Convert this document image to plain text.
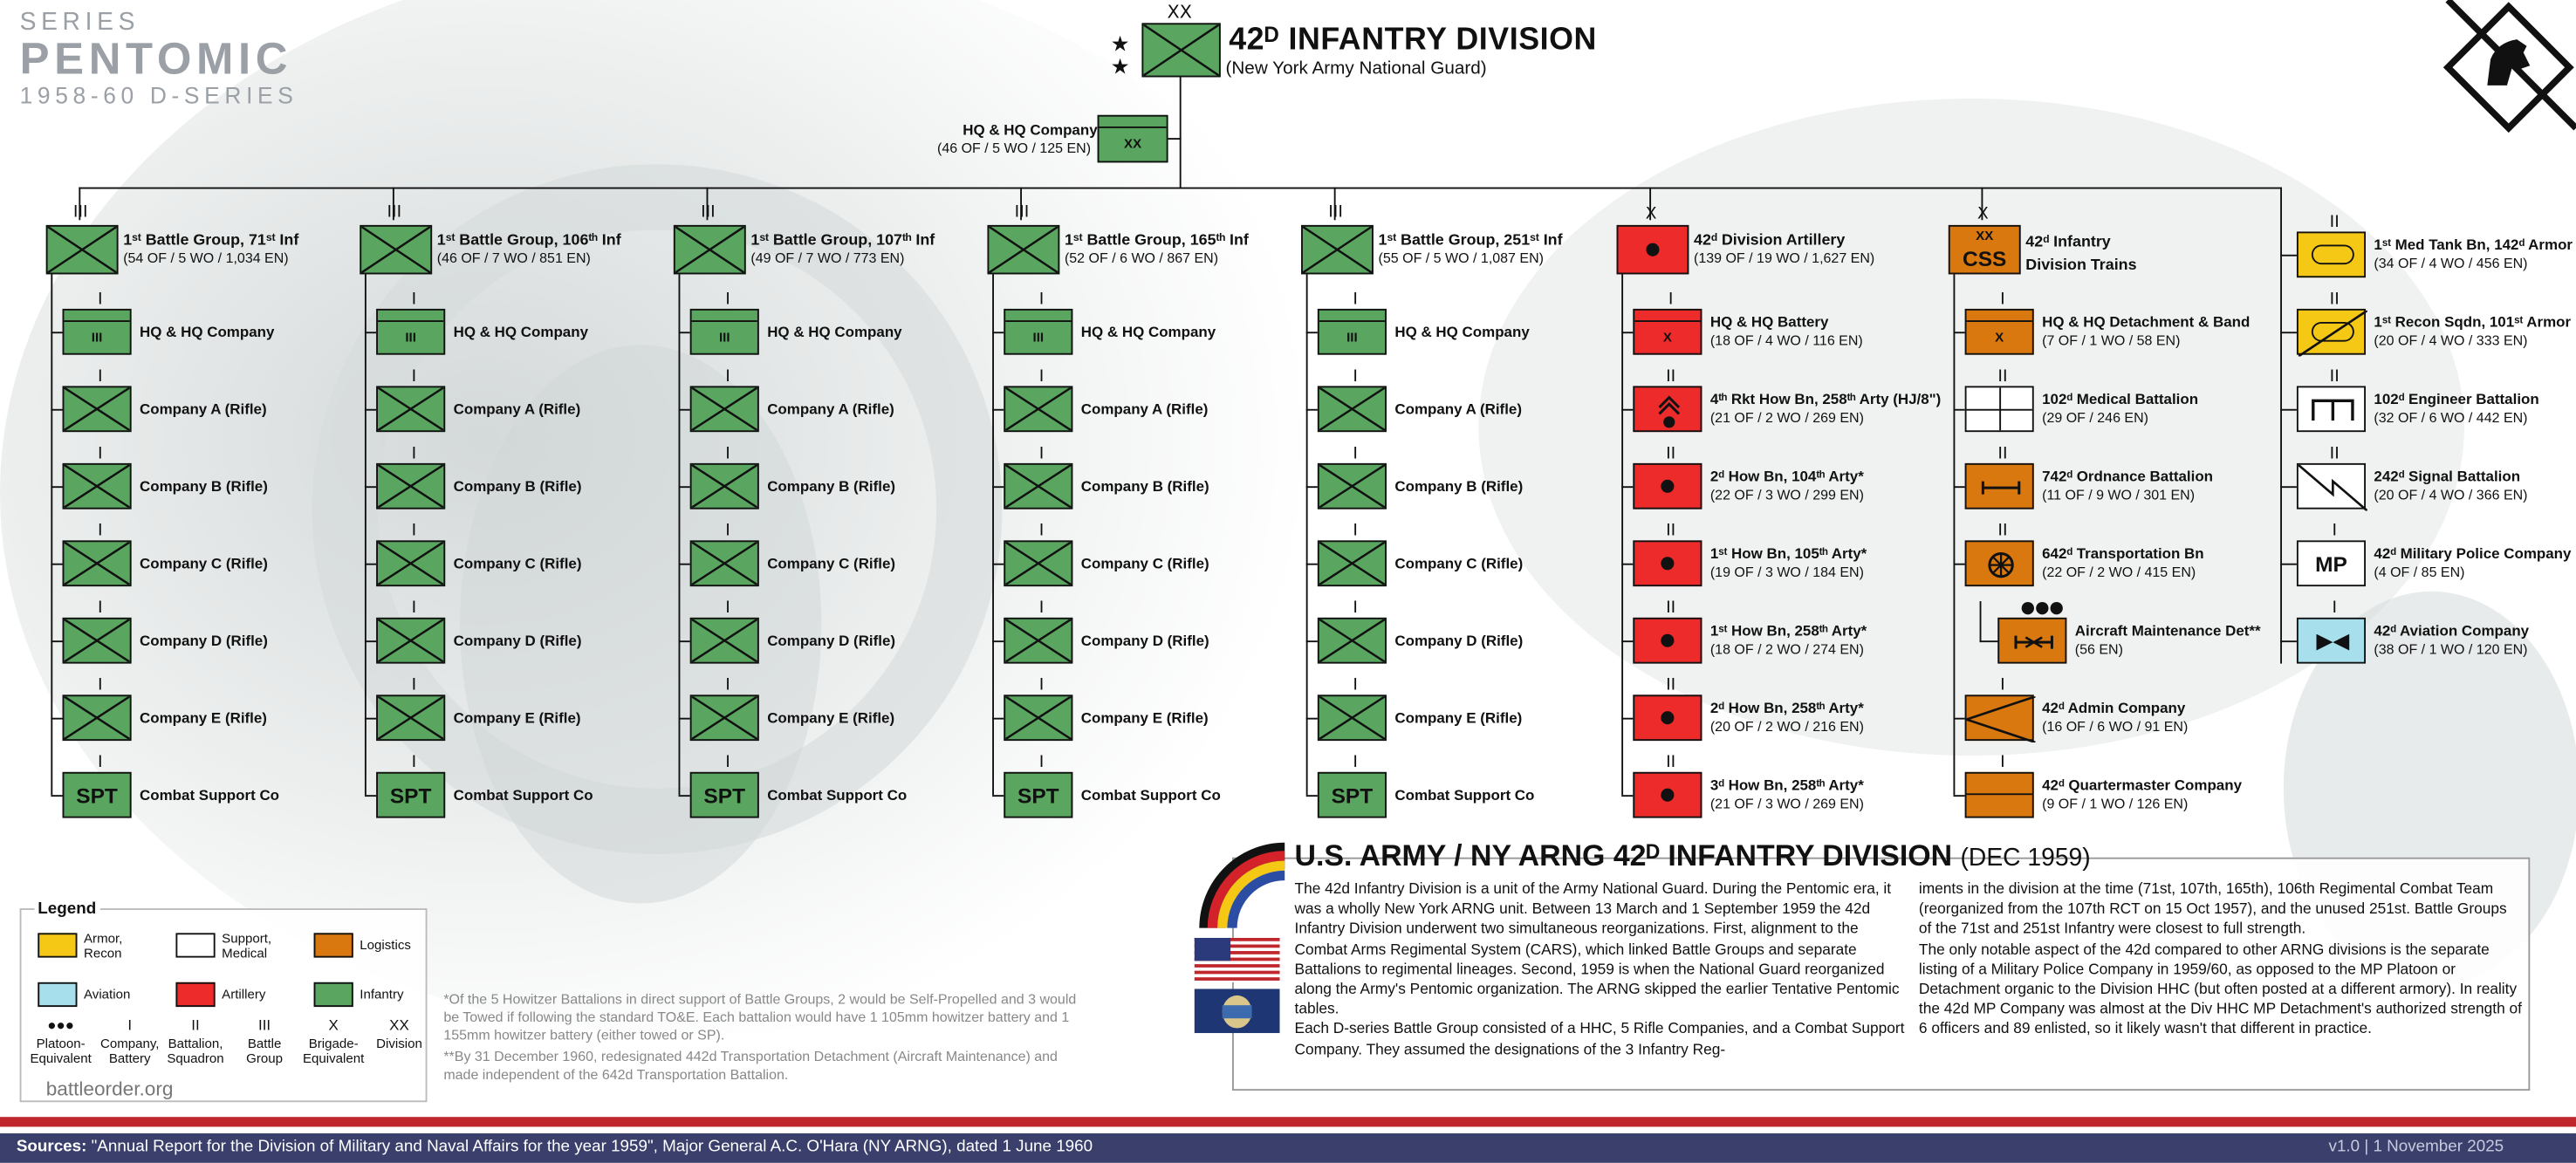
SERIES
PENTOMIC
1958-60 D-SERIES
XX
★
★
42ᴰ INFANTRY DIVISION
(New York Army National Guard)
XX
HQ & HQ Company
(46 OF / 5 WO / 125 EN)
Legend
Armor,
Recon
Support,
Medical
Logistics
Aviation	Artillery	Infantry
●●●
Platoon-
Equivalent
I
Company,
Battery
II
Battalion,
Squadron
III
Battle
Group
X
Brigade-
Equivalent
XX
Division
*Of the 5 Howitzer Battalions in direct support of Battle Groups, 2 would be Self-Propelled and 3 would be Towed if following the standard TO&E. Each battalion would have 1 105mm howitzer battery and 1 155mm howitzer battery (either towed or SP).
**By 31 December 1960, redesignated 442d Transportation Detachment (Aircraft Maintenance) and made independent of the 642d Transportation Battalion.
battleorder.org
U.S. ARMY / NY ARNG 42ᴰ INFANTRY DIVISION (DEC 1959)
The 42d Infantry Division is a unit of the Army National Guard. During the Pentomic era, it was a wholly New York ARNG unit. Between 13 March and 1 September 1959 the 42d Infantry Division underwent two simultaneous reorganizations. First, alignment to the Combat Arms Regimental System (CARS), which linked Battle Groups and separate Battalions to regimental lineages. Second, 1959 is when the National Guard reorganized along the Army's Pentomic organization. The ARNG skipped the earlier Tentative Pentomic tables.
Each D-series Battle Group consisted of a HHC, 5 Rifle Companies, and a Combat Support Company. They assumed the designations of the 3 Infantry Reg-
iments in the division at the time (71st, 107th, 165th), 106th Regimental Combat Team (reorganized from the 107th RCT on 15 Oct 1957), and the unused 251st. Battle Groups of the 71st and 251st Infantry were closest to full strength.
The only notable aspect of the 42d compared to other ARNG divisions is the separate listing of a Military Police Company in 1959/60, as opposed to the MP Platoon or Detachment organic to the Division HHC (but often posted at a different armory). In reality the 42d MP Company was almost at the Div HHC MP Detachment's authorized strength of 6 officers and 89 enlisted, so it likely wasn't that different in practice.
Sources: "Annual Report for the Division of Military and Naval Affairs for the year 1959", Major General A.C. O'Hara (NY ARNG), dated 1 June 1960	v1.0 | 1 November 2025
III
1ˢᵗ Battle Group, 71ˢᵗ Inf
(54 OF / 5 WO / 1,034 EN)
I
III	HQ & HQ Company
I
Company A (Rifle)
I
Company B (Rifle)
I
Company C (Rifle)
I
Company D (Rifle)
I
Company E (Rifle)
I
SPT	Combat Support Co
III
1ˢᵗ Battle Group, 106ᵗʰ Inf
(46 OF / 7 WO / 851 EN)
I
III	HQ & HQ Company
I
Company A (Rifle)
I
Company B (Rifle)
I
Company C (Rifle)
I
Company D (Rifle)
I
Company E (Rifle)
I
SPT	Combat Support Co
III
1ˢᵗ Battle Group, 107ᵗʰ Inf
(49 OF / 7 WO / 773 EN)
I
III	HQ & HQ Company
I
Company A (Rifle)
I
Company B (Rifle)
I
Company C (Rifle)
I
Company D (Rifle)
I
Company E (Rifle)
I
SPT	Combat Support Co
III
1ˢᵗ Battle Group, 165ᵗʰ Inf
(52 OF / 6 WO / 867 EN)
I
III	HQ & HQ Company
I
Company A (Rifle)
I
Company B (Rifle)
I
Company C (Rifle)
I
Company D (Rifle)
I
Company E (Rifle)
I
SPT	Combat Support Co
III
1ˢᵗ Battle Group, 251ˢᵗ Inf
(55 OF / 5 WO / 1,087 EN)
I
III	HQ & HQ Company
I
Company A (Rifle)
I
Company B (Rifle)
I
Company C (Rifle)
I
Company D (Rifle)
I
Company E (Rifle)
I
SPT	Combat Support Co
X
42ᵈ Division Artillery
(139 OF / 19 WO / 1,627 EN)
I
X
HQ & HQ Battery
(18 OF / 4 WO / 116 EN)
II
4ᵗʰ Rkt How Bn, 258ᵗʰ Arty (HJ/8")
(21 OF / 2 WO / 269 EN)
II
2ᵈ How Bn, 104ᵗʰ Arty*
(22 OF / 3 WO / 299 EN)
II
1ˢᵗ How Bn, 105ᵗʰ Arty*
(19 OF / 3 WO / 184 EN)
II
1ˢᵗ How Bn, 258ᵗʰ Arty*
(18 OF / 2 WO / 274 EN)
II
2ᵈ How Bn, 258ᵗʰ Arty*
(20 OF / 2 WO / 216 EN)
II
3ᵈ How Bn, 258ᵗʰ Arty*
(21 OF / 3 WO / 269 EN)
X
XX
CSS
42ᵈ Infantry
Division Trains
I
X
HQ & HQ Detachment & Band
(7 OF / 1 WO / 58 EN)
II
102ᵈ Medical Battalion
(29 OF / 246 EN)
II
742ᵈ Ordnance Battalion
(11 OF / 9 WO / 301 EN)
II
642ᵈ Transportation Bn
(22 OF / 2 WO / 415 EN)
●●●
Aircraft Maintenance Det**
(56 EN)
I
42ᵈ Admin Company
(16 OF / 6 WO / 91 EN)
I
42ᵈ Quartermaster Company
(9 OF / 1 WO / 126 EN)
II
1ˢᵗ Med Tank Bn, 142ᵈ Armor
(34 OF / 4 WO / 456 EN)
II
1ˢᵗ Recon Sqdn, 101ˢᵗ Armor
(20 OF / 4 WO / 333 EN)
II
102ᵈ Engineer Battalion
(32 OF / 6 WO / 442 EN)
II
242ᵈ Signal Battalion
(20 OF / 4 WO / 366 EN)
I
MP	42ᵈ Military Police Company
(4 OF / 85 EN)
I
42ᵈ Aviation Company
(38 OF / 1 WO / 120 EN)
